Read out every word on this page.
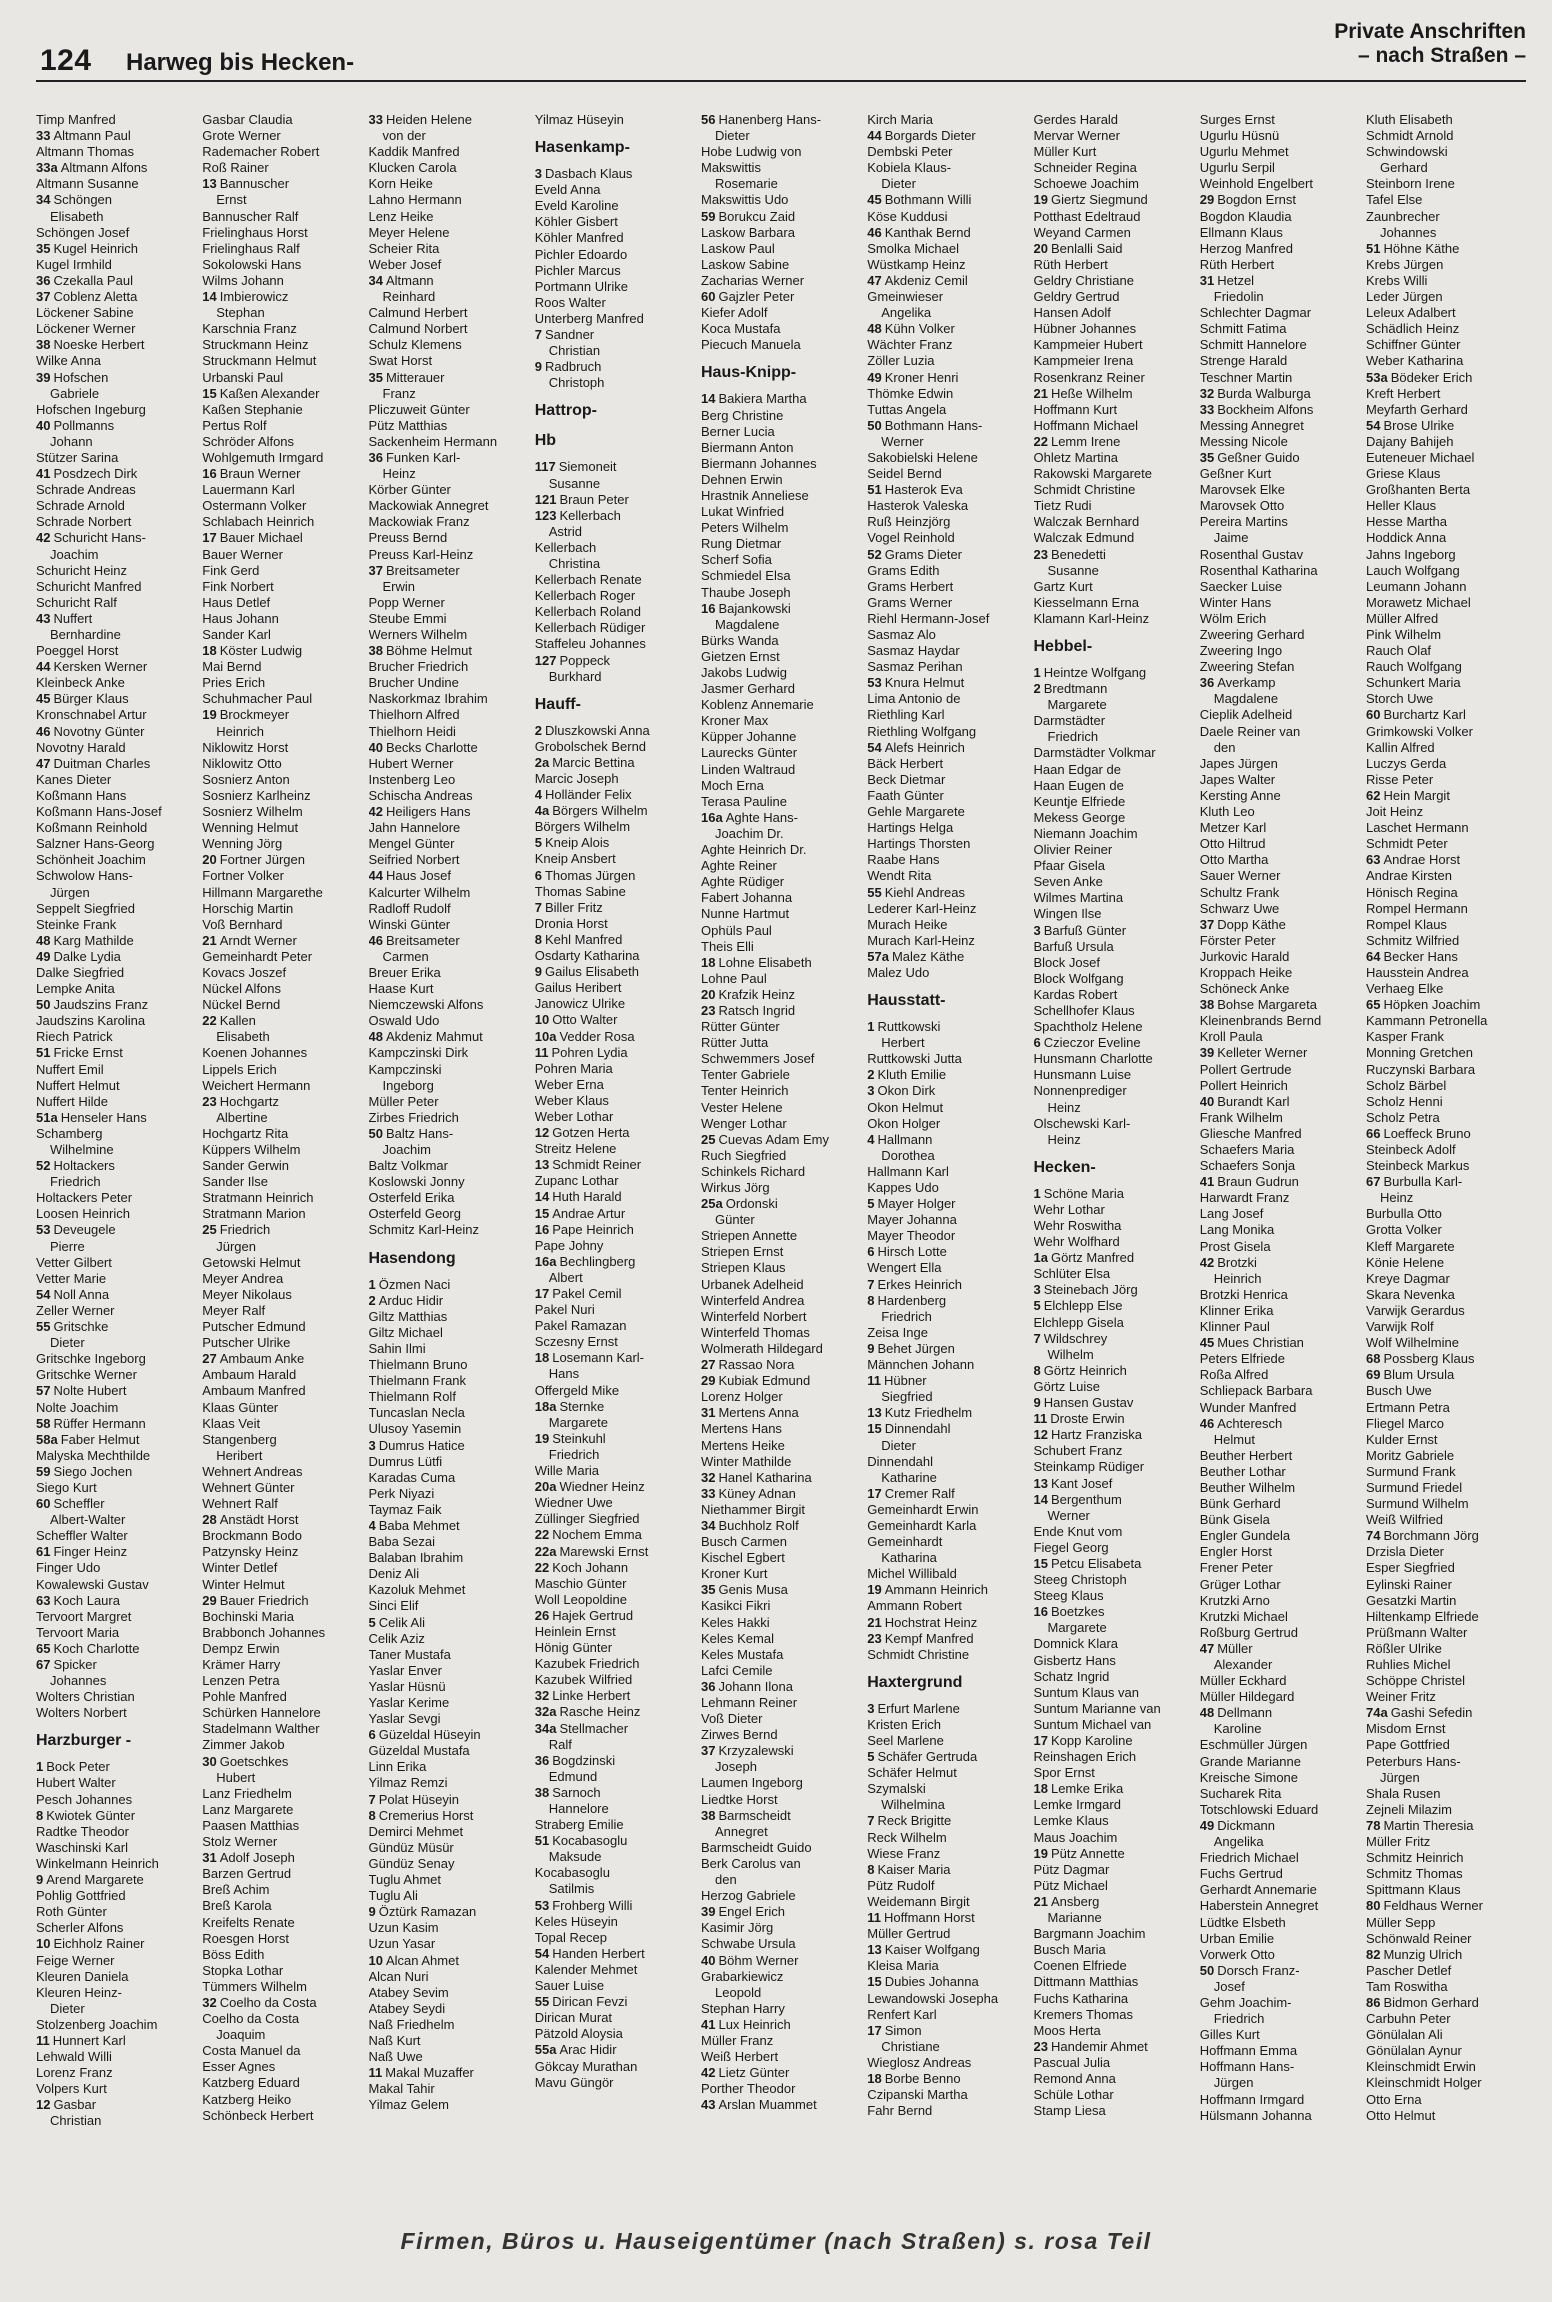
124 Harweg bis Hecken-
Private Anschriften
– nach Straßen –
Timp Manfred
33 Altmann Paul
Altmann Thomas
33a Altmann Alfons
Altmann Susanne
34 Schöngen
Elisabeth
Schöngen Josef
35 Kugel Heinrich
Kugel Irmhild
36 Czekalla Paul
37 Coblenz Aletta
Löckener Sabine
Löckener Werner
38 Noeske Herbert
Wilke Anna
39 Hofschen
Gabriele
Hofschen Ingeburg
40 Pollmanns
Johann
Stützer Sarina
41 Posdzech Dirk
Schrade Andreas
Schrade Arnold
Schrade Norbert
42 Schuricht Hans-
Joachim
Schuricht Heinz
Schuricht Manfred
Schuricht Ralf
43 Nuffert
Bernhardine
Poeggel Horst
44 Kersken Werner
Kleinbeck Anke
45 Bürger Klaus
Kronschnabel Artur
46 Novotny Günter
Novotny Harald
47 Duitman Charles
Kanes Dieter
Koßmann Hans
Koßmann Hans-Josef
Koßmann Reinhold
Salzner Hans-Georg
Schönheit Joachim
Schwolow Hans-
Jürgen
Seppelt Siegfried
Steinke Frank
48 Karg Mathilde
49 Dalke Lydia
Dalke Siegfried
Lempke Anita
50 Jaudszins Franz
Jaudszins Karolina
Riech Patrick
51 Fricke Ernst
Nuffert Emil
Nuffert Helmut
Nuffert Hilde
51a Henseler Hans
Schamberg
Wilhelmine
52 Holtackers
Friedrich
Holtackers Peter
Loosen Heinrich
53 Deveugele
Pierre
Vetter Gilbert
Vetter Marie
54 Noll Anna
Zeller Werner
55 Gritschke
Dieter
Gritschke Ingeborg
Gritschke Werner
57 Nolte Hubert
Nolte Joachim
58 Rüffer Hermann
58a Faber Helmut
Malyska Mechthilde
59 Siego Jochen
Siego Kurt
60 Scheffler
Albert-Walter
Scheffler Walter
61 Finger Heinz
Finger Udo
Kowalewski Gustav
63 Koch Laura
Tervoort Margret
Tervoort Maria
65 Koch Charlotte
67 Spicker
Johannes
Wolters Christian
Wolters Norbert
Harzburger -
1 Bock Peter
Hubert Walter
Pesch Johannes
8 Kwiotek Günter
Radtke Theodor
Waschinski Karl
Winkelmann Heinrich
9 Arend Margarete
Pohlig Gottfried
Roth Günter
Scherler Alfons
10 Eichholz Rainer
Feige Werner
Kleuren Daniela
Kleuren Heinz-
Dieter
Stolzenberg Joachim
11 Hunnert Karl
Lehwald Willi
Lorenz Franz
Volpers Kurt
12 Gasbar
Christian
Gasbar Claudia
Grote Werner
Rademacher Robert
Roß Rainer
13 Bannuscher
Ernst
Bannuscher Ralf
Frielinghaus Horst
Frielinghaus Ralf
Sokolowski Hans
Wilms Johann
14 Imbierowicz
Stephan
Karschnia Franz
Struckmann Heinz
Struckmann Helmut
Urbanski Paul
15 Kaßen Alexander
Kaßen Stephanie
Pertus Rolf
Schröder Alfons
Wohlgemuth Irmgard
16 Braun Werner
Lauermann Karl
Ostermann Volker
Schlabach Heinrich
17 Bauer Michael
Bauer Werner
Fink Gerd
Fink Norbert
Haus Detlef
Haus Johann
Sander Karl
18 Köster Ludwig
Mai Bernd
Pries Erich
Schuhmacher Paul
19 Brockmeyer
Heinrich
Niklowitz Horst
Niklowitz Otto
Sosnierz Anton
Sosnierz Karlheinz
Sosnierz Wilhelm
Wenning Helmut
Wenning Jörg
20 Fortner Jürgen
Fortner Volker
Hillmann Margarethe
Horschig Martin
Voß Bernhard
21 Arndt Werner
Gemeinhardt Peter
Kovacs Joszef
Nückel Alfons
Nückel Bernd
22 Kallen
Elisabeth
Koenen Johannes
Lippels Erich
Weichert Hermann
23 Hochgartz
Albertine
Hochgartz Rita
Küppers Wilhelm
Sander Gerwin
Sander Ilse
Stratmann Heinrich
Stratmann Marion
25 Friedrich
Jürgen
Getowski Helmut
Meyer Andrea
Meyer Nikolaus
Meyer Ralf
Putscher Edmund
Putscher Ulrike
27 Ambaum Anke
Ambaum Harald
Ambaum Manfred
Klaas Günter
Klaas Veit
Stangenberg
Heribert
Wehnert Andreas
Wehnert Günter
Wehnert Ralf
28 Anstädt Horst
Brockmann Bodo
Patzynsky Heinz
Winter Detlef
Winter Helmut
29 Bauer Friedrich
Bochinski Maria
Brabbonch Johannes
Dempz Erwin
Krämer Harry
Lenzen Petra
Pohle Manfred
Schürken Hannelore
Stadelmann Walther
Zimmer Jakob
30 Goetschkes
Hubert
Lanz Friedhelm
Lanz Margarete
Paasen Matthias
Stolz Werner
31 Adolf Joseph
Barzen Gertrud
Breß Achim
Breß Karola
Kreifelts Renate
Roesgen Horst
Böss Edith
Stopka Lothar
Tümmers Wilhelm
32 Coelho da Costa
Coelho da Costa
Joaquim
Costa Manuel da
Esser Agnes
Katzberg Eduard
Katzberg Heiko
Schönbeck Herbert
33 Heiden Helene
von der
Kaddik Manfred
Klucken Carola
Korn Heike
Lahno Hermann
Lenz Heike
Meyer Helene
Scheier Rita
Weber Josef
34 Altmann
Reinhard
Calmund Herbert
Calmund Norbert
Schulz Klemens
Swat Horst
35 Mitterauer
Franz
Pliczuweit Günter
Pütz Matthias
Sackenheim Hermann
36 Funken Karl-
Heinz
Körber Günter
Mackowiak Annegret
Mackowiak Franz
Preuss Bernd
Preuss Karl-Heinz
37 Breitsameter
Erwin
Popp Werner
Steube Emmi
Werners Wilhelm
38 Böhme Helmut
Brucher Friedrich
Brucher Undine
Naskorkmaz Ibrahim
Thielhorn Alfred
Thielhorn Heidi
40 Becks Charlotte
Hubert Werner
Instenberg Leo
Schischa Andreas
42 Heiligers Hans
Jahn Hannelore
Mengel Günter
Seifried Norbert
44 Haus Josef
Kalcurter Wilhelm
Radloff Rudolf
Winski Günter
46 Breitsameter
Carmen
Breuer Erika
Haase Kurt
Niemczewski Alfons
Oswald Udo
48 Akdeniz Mahmut
Kampczinski Dirk
Kampczinski
Ingeborg
Müller Peter
Zirbes Friedrich
50 Baltz Hans-
Joachim
Baltz Volkmar
Koslowski Jonny
Osterfeld Erika
Osterfeld Georg
Schmitz Karl-Heinz
Hasendong
1 Özmen Naci
2 Arduc Hidir
Giltz Matthias
Giltz Michael
Sahin Ilmi
Thielmann Bruno
Thielmann Frank
Thielmann Rolf
Tuncaslan Necla
Ulusoy Yasemin
3 Dumrus Hatice
Dumrus Lütfi
Karadas Cuma
Perk Niyazi
Taymaz Faik
4 Baba Mehmet
Baba Sezai
Balaban Ibrahim
Deniz Ali
Kazoluk Mehmet
Sinci Elif
5 Celik Ali
Celik Aziz
Taner Mustafa
Yaslar Enver
Yaslar Hüsnü
Yaslar Kerime
Yaslar Sevgi
6 Güzeldal Hüseyin
Güzeldal Mustafa
Linn Erika
Yilmaz Remzi
7 Polat Hüseyin
8 Cremerius Horst
Demirci Mehmet
Gündüz Müsür
Gündüz Senay
Tuglu Ahmet
Tuglu Ali
9 Öztürk Ramazan
Uzun Kasim
Uzun Yasar
10 Alcan Ahmet
Alcan Nuri
Atabey Sevim
Atabey Seydi
Naß Friedhelm
Naß Kurt
Naß Uwe
11 Makal Muzaffer
Makal Tahir
Yilmaz Gelem
Yilmaz Hüseyin
Hasenkamp-
3 Dasbach Klaus
Eveld Anna
Eveld Karoline
Köhler Gisbert
Köhler Manfred
Pichler Edoardo
Pichler Marcus
Portmann Ulrike
Roos Walter
Unterberg Manfred
7 Sandner
Christian
9 Radbruch
Christoph
Hattrop-
Hb
117 Siemoneit
Susanne
121 Braun Peter
123 Kellerbach
Astrid
Kellerbach
Christina
Kellerbach Renate
Kellerbach Roger
Kellerbach Roland
Kellerbach Rüdiger
Staffeleu Johannes
127 Poppeck
Burkhard
Hauff-
2 Dluszkowski Anna
Grobolschek Bernd
2a Marcic Bettina
Marcic Joseph
4 Holländer Felix
4a Börgers Wilhelm
Börgers Wilhelm
5 Kneip Alois
Kneip Ansbert
6 Thomas Jürgen
Thomas Sabine
7 Biller Fritz
Dronia Horst
8 Kehl Manfred
Osdarty Katharina
9 Gailus Elisabeth
Gailus Heribert
Janowicz Ulrike
10 Otto Walter
10a Vedder Rosa
11 Pohren Lydia
Pohren Maria
Weber Erna
Weber Klaus
Weber Lothar
12 Gotzen Herta
Streitz Helene
13 Schmidt Reiner
Zupanc Lothar
14 Huth Harald
15 Andrae Artur
16 Pape Heinrich
Pape Johny
16a Bechlingberg
Albert
17 Pakel Cemil
Pakel Nuri
Pakel Ramazan
Sczesny Ernst
18 Losemann Karl-
Hans
Offergeld Mike
18a Sternke
Margarete
19 Steinkuhl
Friedrich
Wille Maria
20a Wiedner Heinz
Wiedner Uwe
Züllinger Siegfried
22 Nochem Emma
22a Marewski Ernst
22 Koch Johann
Maschio Günter
Woll Leopoldine
26 Hajek Gertrud
Heinlein Ernst
Hönig Günter
Kazubek Friedrich
Kazubek Wilfried
32 Linke Herbert
32a Rasche Heinz
34a Stellmacher
Ralf
36 Bogdzinski
Edmund
38 Sarnoch
Hannelore
Straberg Emilie
51 Kocabasoglu
Maksude
Kocabasoglu
Satilmis
53 Frohberg Willi
Keles Hüseyin
Topal Recep
54 Handen Herbert
Kalender Mehmet
Sauer Luise
55 Dirican Fevzi
Dirican Murat
Pätzold Aloysia
55a Arac Hidir
Gökcay Murathan
Mavu Güngör
56 Hanenberg Hans-
Dieter
Hobe Ludwig von
Makswittis
Rosemarie
Makswittis Udo
59 Borukcu Zaid
Laskow Barbara
Laskow Paul
Laskow Sabine
Zacharias Werner
60 Gajzler Peter
Kiefer Adolf
Koca Mustafa
Piecuch Manuela
Haus-Knipp-
14 Bakiera Martha
Berg Christine
Berner Lucia
Biermann Anton
Biermann Johannes
Dehnen Erwin
Hrastnik Anneliese
Lukat Winfried
Peters Wilhelm
Rung Dietmar
Scherf Sofia
Schmiedel Elsa
Thaube Joseph
16 Bajankowski
Magdalene
Bürks Wanda
Gietzen Ernst
Jakobs Ludwig
Jasmer Gerhard
Koblenz Annemarie
Kroner Max
Küpper Johanne
Laurecks Günter
Linden Waltraud
Moch Erna
Terasa Pauline
16a Aghte Hans-
Joachim Dr.
Aghte Heinrich Dr.
Aghte Reiner
Aghte Rüdiger
Fabert Johanna
Nunne Hartmut
Ophüls Paul
Theis Elli
18 Lohne Elisabeth
Lohne Paul
20 Krafzik Heinz
23 Ratsch Ingrid
Rütter Günter
Rütter Jutta
Schwemmers Josef
Tenter Gabriele
Tenter Heinrich
Vester Helene
Wenger Lothar
25 Cuevas Adam Emy
Ruch Siegfried
Schinkels Richard
Wirkus Jörg
25a Ordonski
Günter
Striepen Annette
Striepen Ernst
Striepen Klaus
Urbanek Adelheid
Winterfeld Andrea
Winterfeld Norbert
Winterfeld Thomas
Wolmerath Hildegard
27 Rassao Nora
29 Kubiak Edmund
Lorenz Holger
31 Mertens Anna
Mertens Hans
Mertens Heike
Winter Mathilde
32 Hanel Katharina
33 Küney Adnan
Niethammer Birgit
34 Buchholz Rolf
Busch Carmen
Kischel Egbert
Kroner Kurt
35 Genis Musa
Kasikci Fikri
Keles Hakki
Keles Kemal
Keles Mustafa
Lafci Cemile
36 Johann Ilona
Lehmann Reiner
Voß Dieter
Zirwes Bernd
37 Krzyzalewski
Joseph
Laumen Ingeborg
Liedtke Horst
38 Barmscheidt
Annegret
Barmscheidt Guido
Berk Carolus van
den
Herzog Gabriele
39 Engel Erich
Kasimir Jörg
Schwabe Ursula
40 Böhm Werner
Grabarkiewicz
Leopold
Stephan Harry
41 Lux Heinrich
Müller Franz
Weiß Herbert
42 Lietz Günter
Porther Theodor
43 Arslan Muammet
Kirch Maria
44 Borgards Dieter
Dembski Peter
Kobiela Klaus-
Dieter
45 Bothmann Willi
Köse Kuddusi
46 Kanthak Bernd
Smolka Michael
Wüstkamp Heinz
47 Akdeniz Cemil
Gmeinwieser
Angelika
48 Kühn Volker
Wächter Franz
Zöller Luzia
49 Kroner Henri
Thömke Edwin
Tuttas Angela
50 Bothmann Hans-
Werner
Sakobielski Helene
Seidel Bernd
51 Hasterok Eva
Hasterok Valeska
Ruß Heinzjörg
Vogel Reinhold
52 Grams Dieter
Grams Edith
Grams Herbert
Grams Werner
Riehl Hermann-Josef
Sasmaz Alo
Sasmaz Haydar
Sasmaz Perihan
53 Knura Helmut
Lima Antonio de
Riethling Karl
Riethling Wolfgang
54 Alefs Heinrich
Bäck Herbert
Beck Dietmar
Faath Günter
Gehle Margarete
Hartings Helga
Hartings Thorsten
Raabe Hans
Wendt Rita
55 Kiehl Andreas
Lederer Karl-Heinz
Murach Heike
Murach Karl-Heinz
57a Malez Käthe
Malez Udo
Hausstatt-
1 Ruttkowski
Herbert
Ruttkowski Jutta
2 Kluth Emilie
3 Okon Dirk
Okon Helmut
Okon Holger
4 Hallmann
Dorothea
Hallmann Karl
Kappes Udo
5 Mayer Holger
Mayer Johanna
Mayer Theodor
6 Hirsch Lotte
Wengert Ella
7 Erkes Heinrich
8 Hardenberg
Friedrich
Zeisa Inge
9 Behet Jürgen
Männchen Johann
11 Hübner
Siegfried
13 Kutz Friedhelm
15 Dinnendahl
Dieter
Dinnendahl
Katharine
17 Cremer Ralf
Gemeinhardt Erwin
Gemeinhardt Karla
Gemeinhardt
Katharina
Michel Willibald
19 Ammann Heinrich
Ammann Robert
21 Hochstrat Heinz
23 Kempf Manfred
Schmidt Christine
Haxtergrund
3 Erfurt Marlene
Kristen Erich
Seel Marlene
5 Schäfer Gertruda
Schäfer Helmut
Szymalski
Wilhelmina
7 Reck Brigitte
Reck Wilhelm
Wiese Franz
8 Kaiser Maria
Pütz Rudolf
Weidemann Birgit
11 Hoffmann Horst
Müller Gertrud
13 Kaiser Wolfgang
Kleisa Maria
15 Dubies Johanna
Lewandowski Josepha
Renfert Karl
17 Simon
Christiane
Wieglosz Andreas
18 Borbe Benno
Czipanski Martha
Fahr Bernd
Gerdes Harald
Mervar Werner
Müller Kurt
Schneider Regina
Schoewe Joachim
19 Giertz Siegmund
Potthast Edeltraud
Weyand Carmen
20 Benlalli Said
Rüth Herbert
Geldry Christiane
Geldry Gertrud
Hansen Adolf
Hübner Johannes
Kampmeier Hubert
Kampmeier Irena
Rosenkranz Reiner
21 Heße Wilhelm
Hoffmann Kurt
Hoffmann Michael
22 Lemm Irene
Ohletz Martina
Rakowski Margarete
Schmidt Christine
Tietz Rudi
Walczak Bernhard
Walczak Edmund
23 Benedetti
Susanne
Gartz Kurt
Kiesselmann Erna
Klamann Karl-Heinz
Hebbel-
1 Heintze Wolfgang
2 Bredtmann
Margarete
Darmstädter
Friedrich
Darmstädter Volkmar
Haan Edgar de
Haan Eugen de
Keuntje Elfriede
Mekess George
Niemann Joachim
Olivier Reiner
Pfaar Gisela
Seven Anke
Wilmes Martina
Wingen Ilse
3 Barfuß Günter
Barfuß Ursula
Block Josef
Block Wolfgang
Kardas Robert
Schellhofer Klaus
Spachtholz Helene
6 Czieczor Eveline
Hunsmann Charlotte
Hunsmann Luise
Nonnenprediger
Heinz
Olschewski Karl-
Heinz
Hecken-
1 Schöne Maria
Wehr Lothar
Wehr Roswitha
Wehr Wolfhard
1a Görtz Manfred
Schlüter Elsa
3 Steinebach Jörg
5 Elchlepp Else
Elchlepp Gisela
7 Wildschrey
Wilhelm
8 Görtz Heinrich
Görtz Luise
9 Hansen Gustav
11 Droste Erwin
12 Hartz Franziska
Schubert Franz
Steinkamp Rüdiger
13 Kant Josef
14 Bergenthum
Werner
Ende Knut vom
Fiegel Georg
15 Petcu Elisabeta
Steeg Christoph
Steeg Klaus
16 Boetzkes
Margarete
Domnick Klara
Gisbertz Hans
Schatz Ingrid
Suntum Klaus van
Suntum Marianne van
Suntum Michael van
17 Kopp Karoline
Reinshagen Erich
Spor Ernst
18 Lemke Erika
Lemke Irmgard
Lemke Klaus
Maus Joachim
19 Pütz Annette
Pütz Dagmar
Pütz Michael
21 Ansberg
Marianne
Bargmann Joachim
Busch Maria
Coenen Elfriede
Dittmann Matthias
Fuchs Katharina
Kremers Thomas
Moos Herta
23 Handemir Ahmet
Pascual Julia
Remond Anna
Schüle Lothar
Stamp Liesa
Surges Ernst
Ugurlu Hüsnü
Ugurlu Mehmet
Ugurlu Serpil
Weinhold Engelbert
29 Bogdon Ernst
Bogdon Klaudia
Ellmann Klaus
Herzog Manfred
Rüth Herbert
31 Hetzel
Friedolin
Schlechter Dagmar
Schmitt Fatima
Schmitt Hannelore
Strenge Harald
Teschner Martin
32 Burda Walburga
33 Bockheim Alfons
Messing Annegret
Messing Nicole
35 Geßner Guido
Geßner Kurt
Marovsek Elke
Marovsek Otto
Pereira Martins
Jaime
Rosenthal Gustav
Rosenthal Katharina
Saecker Luise
Winter Hans
Wölm Erich
Zweering Gerhard
Zweering Ingo
Zweering Stefan
36 Averkamp
Magdalene
Cieplik Adelheid
Daele Reiner van
den
Japes Jürgen
Japes Walter
Kersting Anne
Kluth Leo
Metzer Karl
Otto Hiltrud
Otto Martha
Sauer Werner
Schultz Frank
Schwarz Uwe
37 Dopp Käthe
Förster Peter
Jurkovic Harald
Kroppach Heike
Schöneck Anke
38 Bohse Margareta
Kleinenbrands Bernd
Kroll Paula
39 Kelleter Werner
Pollert Gertrude
Pollert Heinrich
40 Burandt Karl
Frank Wilhelm
Gliesche Manfred
Schaefers Maria
Schaefers Sonja
41 Braun Gudrun
Harwardt Franz
Lang Josef
Lang Monika
Prost Gisela
42 Brotzki
Heinrich
Brotzki Henrica
Klinner Erika
Klinner Paul
45 Mues Christian
Peters Elfriede
Roßa Alfred
Schliepack Barbara
Wunder Manfred
46 Achteresch
Helmut
Beuther Herbert
Beuther Lothar
Beuther Wilhelm
Bünk Gerhard
Bünk Gisela
Engler Gundela
Engler Horst
Frener Peter
Grüger Lothar
Krutzki Arno
Krutzki Michael
Roßburg Gertrud
47 Müller
Alexander
Müller Eckhard
Müller Hildegard
48 Dellmann
Karoline
Eschmüller Jürgen
Grande Marianne
Kreische Simone
Sucharek Rita
Totschlowski Eduard
49 Dickmann
Angelika
Friedrich Michael
Fuchs Gertrud
Gerhardt Annemarie
Haberstein Annegret
Lüdtke Elsbeth
Urban Emilie
Vorwerk Otto
50 Dorsch Franz-
Josef
Gehm Joachim-
Friedrich
Gilles Kurt
Hoffmann Emma
Hoffmann Hans-
Jürgen
Hoffmann Irmgard
Hülsmann Johanna
Kluth Elisabeth
Schmidt Arnold
Schwindowski
Gerhard
Steinborn Irene
Tafel Else
Zaunbrecher
Johannes
51 Höhne Käthe
Krebs Jürgen
Krebs Willi
Leder Jürgen
Leleux Adalbert
Schädlich Heinz
Schiffner Günter
Weber Katharina
53a Bödeker Erich
Kreft Herbert
Meyfarth Gerhard
54 Brose Ulrike
Dajany Bahijeh
Euteneuer Michael
Griese Klaus
Großhanten Berta
Heller Klaus
Hesse Martha
Hoddick Anna
Jahns Ingeborg
Lauch Wolfgang
Leumann Johann
Morawetz Michael
Müller Alfred
Pink Wilhelm
Rauch Olaf
Rauch Wolfgang
Schunkert Maria
Storch Uwe
60 Burchartz Karl
Grimkowski Volker
Kallin Alfred
Luczys Gerda
Risse Peter
62 Hein Margit
Joit Heinz
Laschet Hermann
Schmidt Peter
63 Andrae Horst
Andrae Kirsten
Hönisch Regina
Rompel Hermann
Rompel Klaus
Schmitz Wilfried
64 Becker Hans
Hausstein Andrea
Verhaeg Elke
65 Höpken Joachim
Kammann Petronella
Kasper Frank
Monning Gretchen
Ruczynski Barbara
Scholz Bärbel
Scholz Henni
Scholz Petra
66 Loeffeck Bruno
Steinbeck Adolf
Steinbeck Markus
67 Burbulla Karl-
Heinz
Burbulla Otto
Grotta Volker
Kleff Margarete
Könie Helene
Kreye Dagmar
Skara Nevenka
Varwijk Gerardus
Varwijk Rolf
Wolf Wilhelmine
68 Possberg Klaus
69 Blum Ursula
Busch Uwe
Ertmann Petra
Fliegel Marco
Kulder Ernst
Moritz Gabriele
Surmund Frank
Surmund Friedel
Surmund Wilhelm
Weiß Wilfried
74 Borchmann Jörg
Drzisla Dieter
Esper Siegfried
Eylinski Rainer
Gesatzki Martin
Hiltenkamp Elfriede
Prüßmann Walter
Rößler Ulrike
Ruhlies Michel
Schöppe Christel
Weiner Fritz
74a Gashi Sefedin
Misdom Ernst
Pape Gottfried
Peterburs Hans-
Jürgen
Shala Rusen
Zejneli Milazim
78 Martin Theresia
Müller Fritz
Schmitz Heinrich
Schmitz Thomas
Spittmann Klaus
80 Feldhaus Werner
Müller Sepp
Schönwald Reiner
82 Munzig Ulrich
Pascher Detlef
Tam Roswitha
86 Bidmon Gerhard
Carbuhn Peter
Gönülalan Ali
Gönülalan Aynur
Kleinschmidt Erwin
Kleinschmidt Holger
Otto Erna
Otto Helmut
Firmen, Büros u. Hauseigentümer (nach Straßen) s. rosa Teil
